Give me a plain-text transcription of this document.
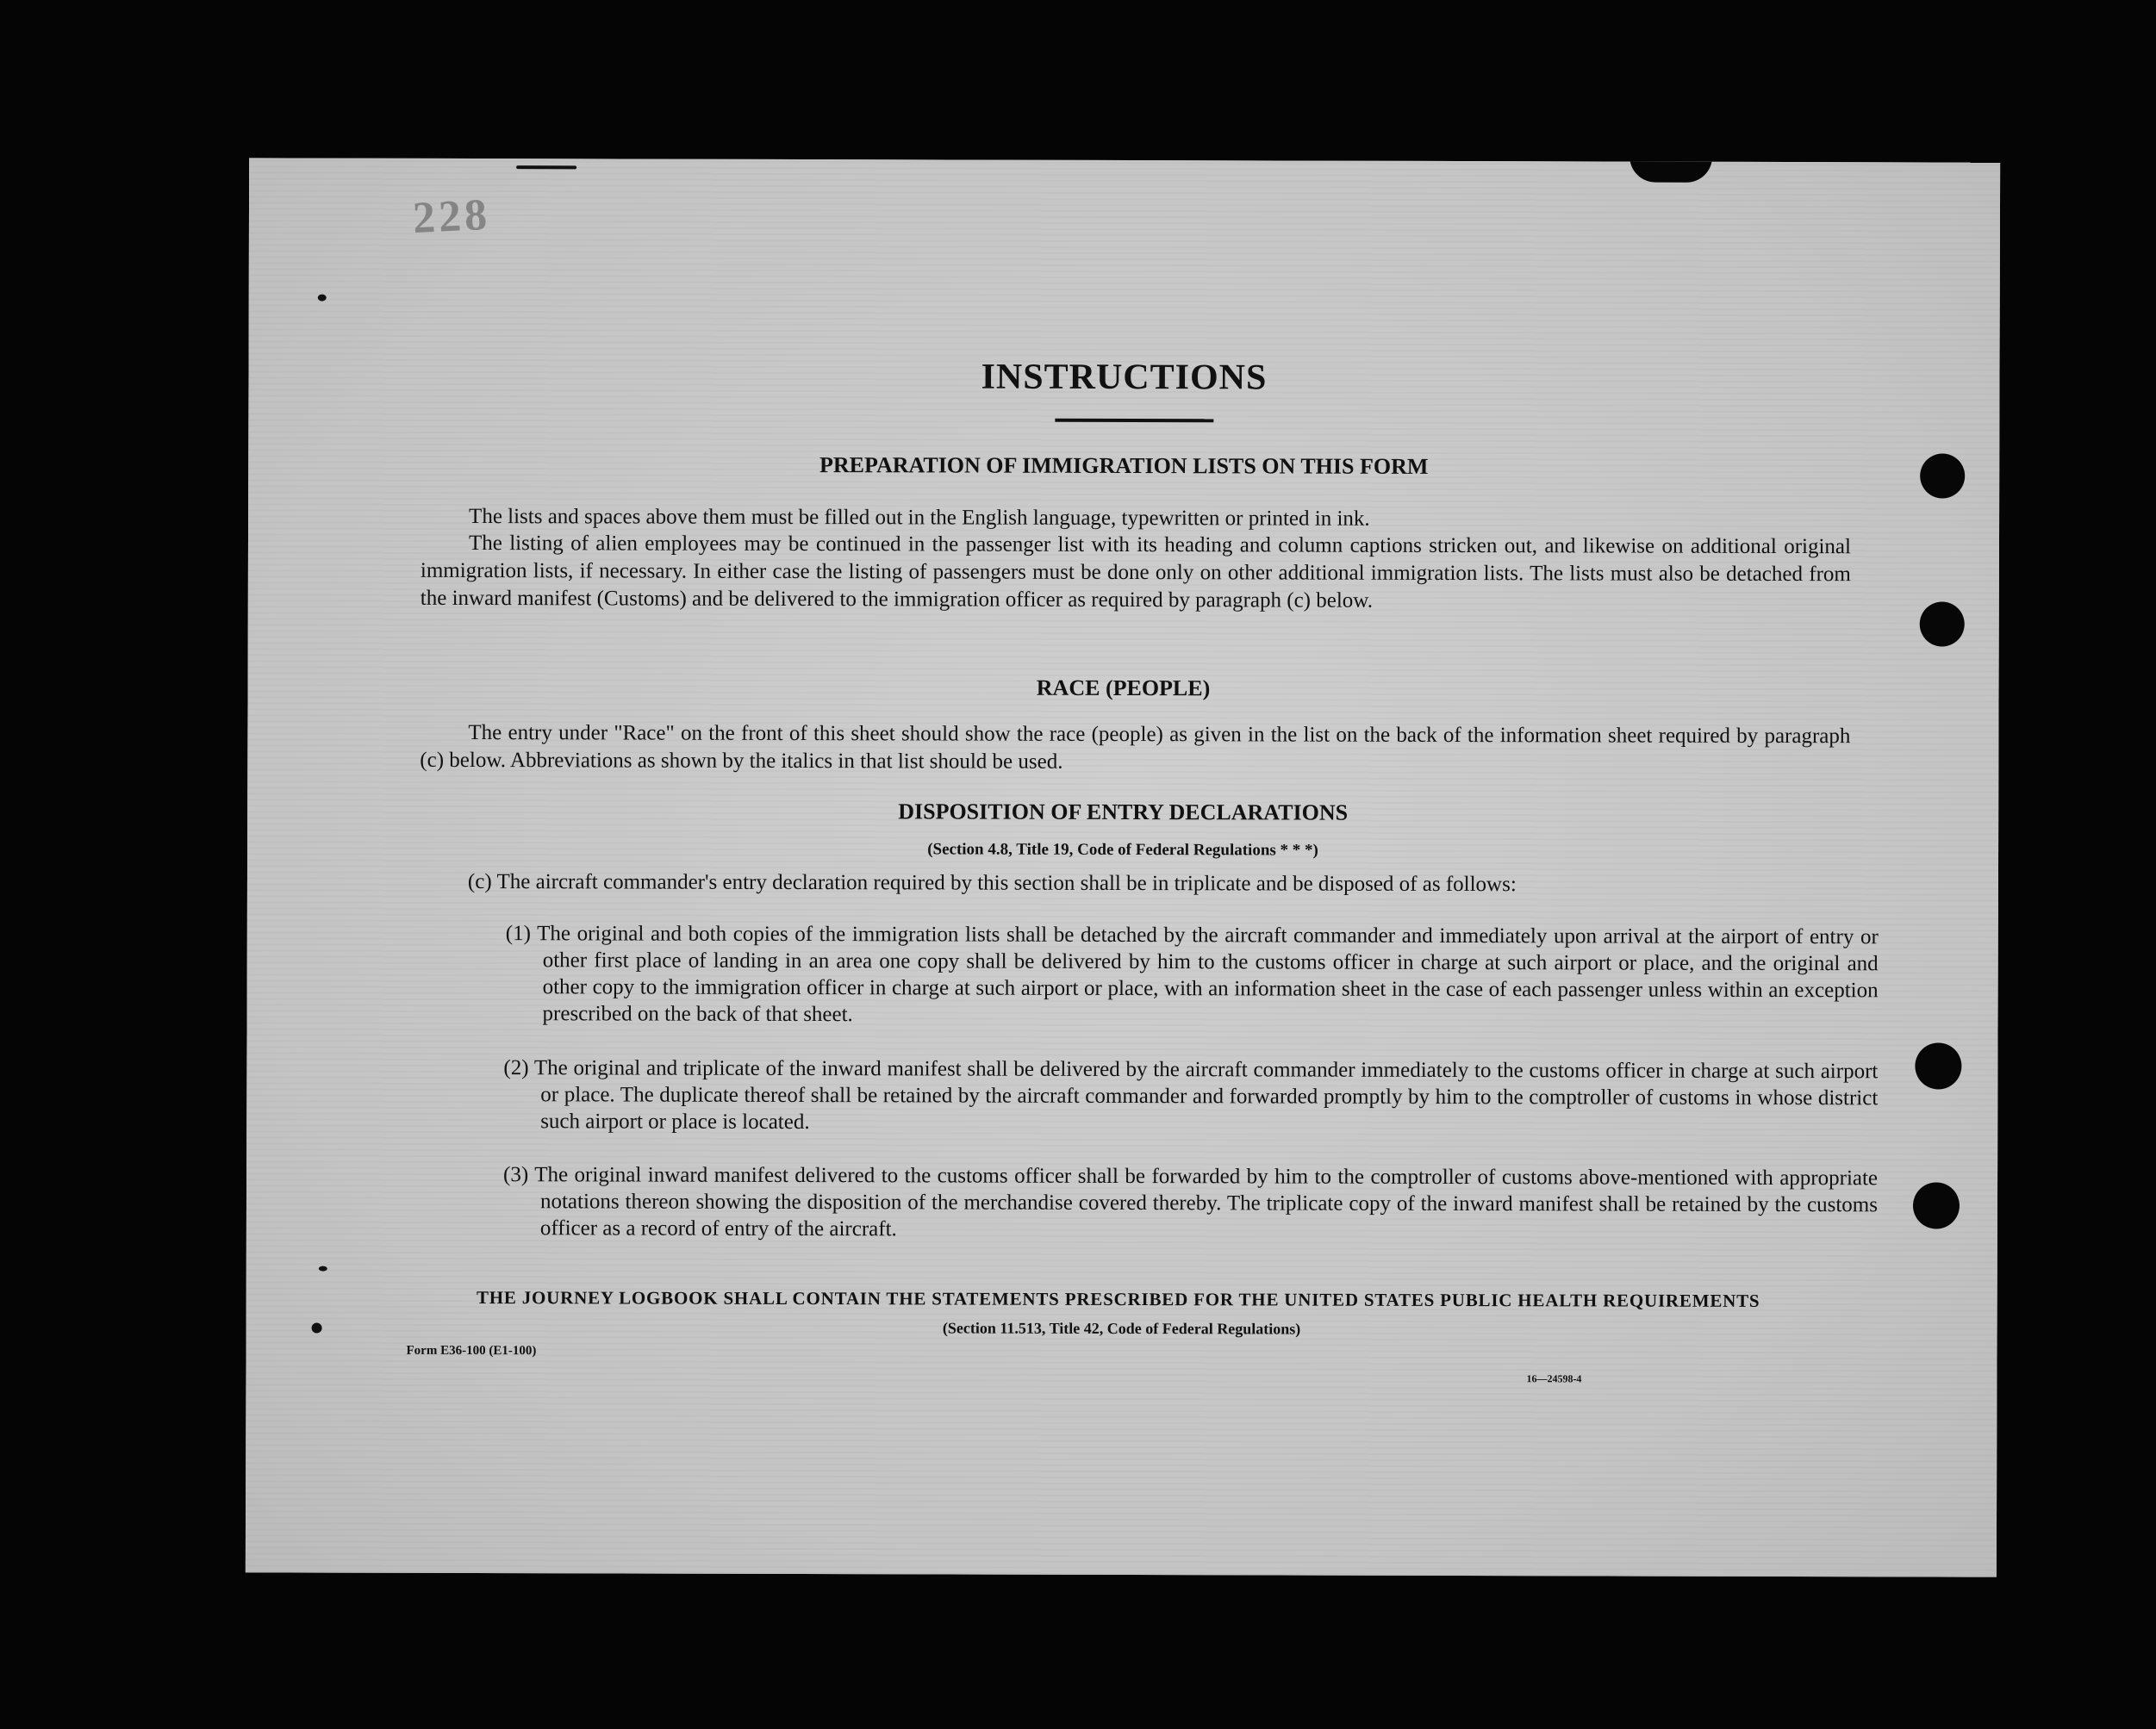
​
228
INSTRUCTIONS
PREPARATION OF IMMIGRATION LISTS ON THIS FORM
The lists and spaces above them must be filled out in the English language, typewritten or printed in ink.
The listing of alien employees may be continued in the passenger list with its heading and column captions stricken out, and likewise on additional original immigration lists, if necessary. In either case the listing of passengers must be done only on other additional immigration lists. The lists must also be detached from the inward manifest (Customs) and be delivered to the immigration officer as required by paragraph (c) below.
RACE (PEOPLE)
The entry under "Race" on the front of this sheet should show the race (people) as given in the list on the back of the information sheet required by paragraph (c) below. Abbreviations as shown by the italics in that list should be used.
DISPOSITION OF ENTRY DECLARATIONS
(Section 4.8, Title 19, Code of Federal Regulations * * *)
(c) The aircraft commander's entry declaration required by this section shall be in triplicate and be disposed of as follows:
(1) The original and both copies of the immigration lists shall be detached by the aircraft commander and immediately upon arrival at the airport of entry or other first place of landing in an area one copy shall be delivered by him to the customs officer in charge at such airport or place, and the original and other copy to the immigration officer in charge at such airport or place, with an information sheet in the case of each passenger unless within an exception prescribed on the back of that sheet.
(2) The original and triplicate of the inward manifest shall be delivered by the aircraft commander immediately to the customs officer in charge at such airport or place. The duplicate thereof shall be retained by the aircraft commander and forwarded promptly by him to the comptroller of customs in whose district such airport or place is located.
(3) The original inward manifest delivered to the customs officer shall be forwarded by him to the comptroller of customs above-mentioned with appropriate notations thereon showing the disposition of the merchandise covered thereby. The triplicate copy of the inward manifest shall be retained by the customs officer as a record of entry of the aircraft.
THE JOURNEY LOGBOOK SHALL CONTAIN THE STATEMENTS PRESCRIBED FOR THE UNITED STATES PUBLIC HEALTH REQUIREMENTS
(Section 11.513, Title 42, Code of Federal Regulations)
Form E36-100 (E1-100)
16—24598-4
